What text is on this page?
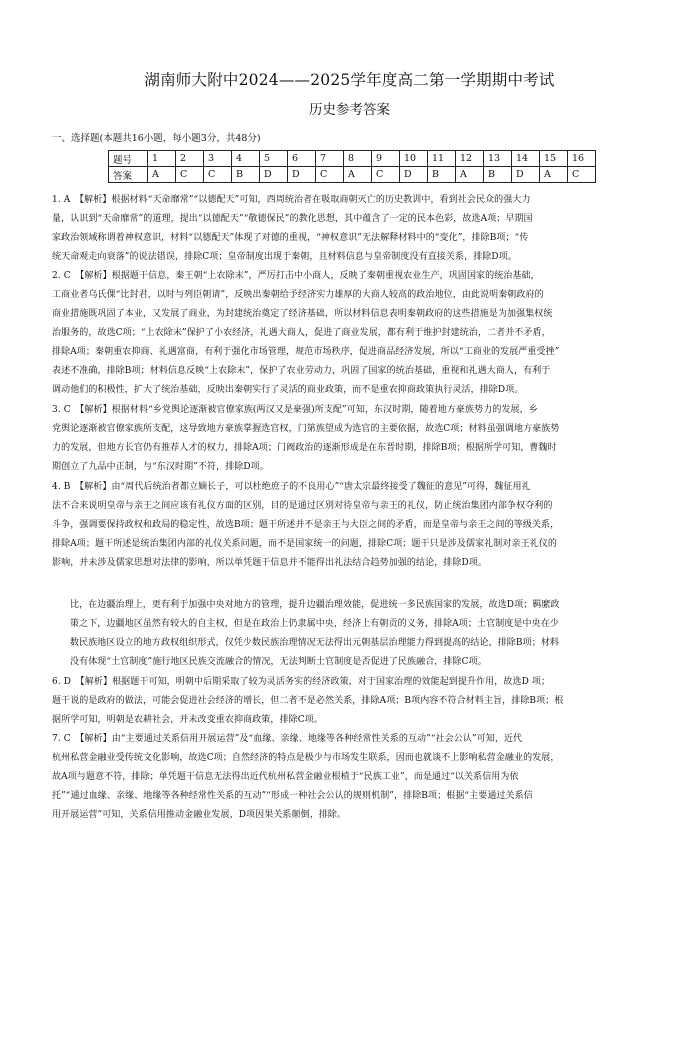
湖南师大附中2024——2025学年度高二第一学期期中考试
历史参考答案
一、选择题(本题共16小题，每小题3分，共48分)
题号	1	2	3	4	5	6	7	8	9	10	11	12	13	14	15	16
答案	A	C	C	B	D	D	C	A	C	D	B	A	B	D	A	C
1. A　【解析】根据材料“天命靡常”“以德配天”可知，西周统治者在吸取商朝灭亡的历史教训中，看到社会民众的强大力
量，认识到“天命靡常”的道理，提出“以德配天”“敬德保民”的教化思想，其中蕴含了一定的民本色彩，故选A项；早期国
家政治领域称谓着神权意识，材料“以德配天”体现了对德的重视，“神权意识”无法解释材料中的“变化”，排除B项；“传
统天命观走向衰落”的说法错误，排除C项；皇帝制度出现于秦朝，且材料信息与皇帝制度没有直接关系，排除D项。
2. C　【解析】根据题干信息，秦王朝“上农除末”，严厉打击中小商人，反映了秦朝重视农业生产，巩固国家的统治基础，
工商业者乌氏倮“比封君，以时与列臣朝请”，反映出秦朝给予经济实力雄厚的大商人较高的政治地位，由此说明秦朝政府的
商业措施既巩固了本业，又发展了商业，为封建统治奠定了经济基础，所以材料信息表明秦朝政府的这些措施是为加强集权统
治服务的，故选C项；“上农除末”保护了小农经济，礼遇大商人，促进了商业发展，都有利于维护封建统治，二者并不矛盾，
排除A项；秦朝重农抑商、礼遇富商，有利于强化市场管理，规范市场秩序，促进商品经济发展，所以“工商业的发展严重受挫”
表述不准确，排除B项；材料信息反映“上农除末”，保护了农业劳动力，巩固了国家的统治基础，重视和礼遇大商人，有利于
调动他们的积极性，扩大了统治基础，反映出秦朝实行了灵活的商业政策，而不是重农抑商政策执行灵活，排除D项。
3. C　【解析】根据材料“乡党舆论逐渐被官僚家族(两汉又是豪强)所支配”可知，东汉时期，随着地方豪族势力的发展，乡
党舆论逐渐被官僚家族所支配，这导致地方豪族掌握选官权，门第族望成为选官的主要依据，故选C项；材料虽强调地方豪族势
力的发展，但地方长官仍有推荐人才的权力，排除A项；门阀政治的逐渐形成是在东晋时期，排除B项；根据所学可知，曹魏时
期创立了九品中正制，与“东汉时期”不符，排除D项。
4. B　【解析】由“周代后统治者都立嫡长子，可以杜绝庶子的不良用心”“唐太宗最终接受了魏征的意见”可得，魏征用礼
法不合来说明皇帝与亲王之间应该有礼仪方面的区别，目的是通过区别对待皇帝与亲王的礼仪，防止统治集团内部争权夺利的
斗争，强调要保持政权和政局的稳定性，故选B项；题干所述并不是亲王与大臣之间的矛盾，而是皇帝与亲王之间的等级关系，
排除A项；题干所述是统治集团内部的礼仪关系问题，而不是国家统一的问题，排除C项；题干只是涉及儒家礼制对亲王礼仪的
影响，并未涉及儒家思想对法律的影响，所以单凭题干信息并不能得出礼法结合趋势加强的结论，排除D项。
比，在边疆治理上，更有利于加强中央对地方的管理，提升边疆治理效能，促进统一多民族国家的发展，故选D项；羁縻政
策之下，边疆地区虽然有较大的自主权，但是在政治上仍隶属中央，经济上有朝贡的义务，排除A项；土官制度是中央在少
数民族地区设立的地方政权组织形式，仅凭少数民族治理情况无法得出元朝基层治理能力得到提高的结论，排除B项；材料
没有体现“土官制度”施行地区民族交流融合的情况，无法判断土官制度是否促进了民族融合，排除C项。
6. D　【解析】根据题干可知，明朝中后期采取了较为灵活务实的经济政策，对于国家治理的效能起到提升作用，故选D 项；
题干说的是政府的做法，可能会促进社会经济的增长，但二者不是必然关系，排除A项；B项内容不符合材料主旨，排除B项；根
据所学可知，明朝是农耕社会，并未改变重农抑商政策，排除C项。
7. C　【解析】由“主要通过关系信用开展运营”及“血缘、亲缘、地缘等各种经常性关系的互动”“社会公认”可知，近代
杭州私营金融业受传统文化影响，故选C项；自然经济的特点是极少与市场发生联系，因而也就谈不上影响私营金融业的发展，
故A项与题意不符，排除；单凭题干信息无法得出近代杭州私营金融业根植于“民族工业”，而是通过“以关系信用为依
托”“通过血缘、亲缘、地缘等各种经常性关系的互动”“形成一种社会公认的规则机制”，排除B项；根据“主要通过关系信
用开展运营”可知，关系信用推动金融业发展，D项因果关系颠倒，排除。
